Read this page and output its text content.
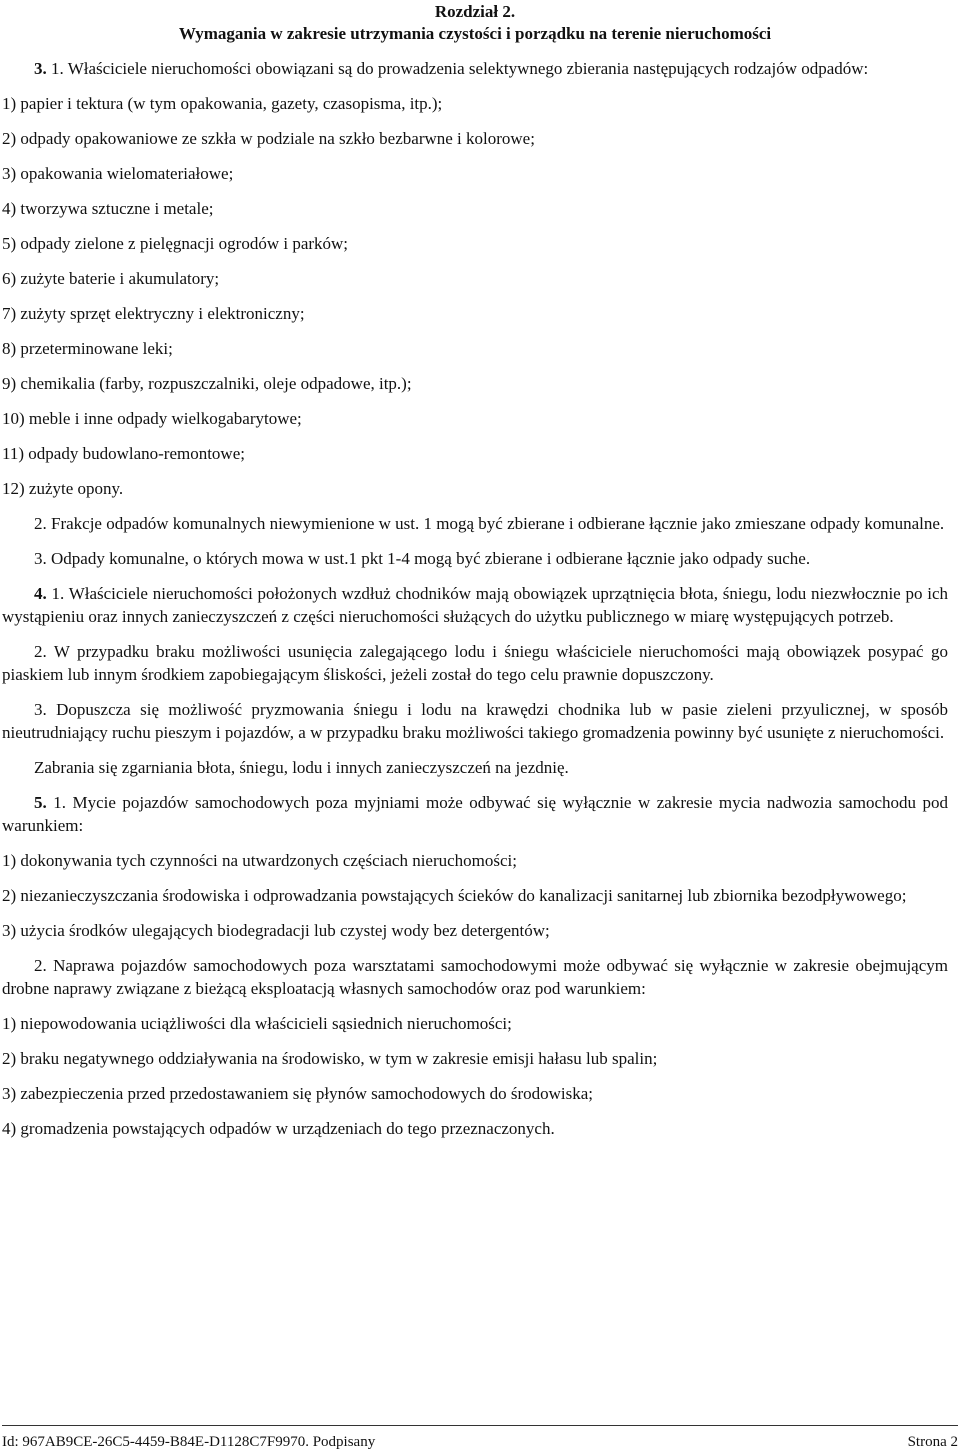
Rozdział 2.
Wymagania w zakresie utrzymania czystości i porządku na terenie nieruchomości

3. 1. Właściciele nieruchomości obowiązani są do prowadzenia selektywnego zbierania następujących rodzajów odpadów:

1) papier i tektura (w tym opakowania, gazety, czasopisma, itp.);

2) odpady opakowaniowe ze szkła w podziale na szkło bezbarwne i kolorowe;

3) opakowania wielomateriałowe;

4) tworzywa sztuczne i metale;

5) odpady zielone z pielęgnacji ogrodów i parków;

6) zużyte baterie i akumulatory;

7) zużyty sprzęt elektryczny i elektroniczny;

8) przeterminowane leki;

9) chemikalia (farby, rozpuszczalniki, oleje odpadowe, itp.);

10) meble i inne odpady wielkogabarytowe;

11) odpady budowlano-remontowe;

12) zużyte opony.

2. Frakcje odpadów komunalnych niewymienione w ust. 1 mogą być zbierane i odbierane łącznie jako zmieszane odpady komunalne.

3. Odpady komunalne, o których mowa w ust.1 pkt 1-4 mogą być zbierane i odbierane łącznie jako odpady suche.

4. 1. Właściciele nieruchomości położonych wzdłuż chodników mają obowiązek uprzątnięcia błota, śniegu, lodu niezwłocznie po ich wystąpieniu oraz innych zanieczyszczeń z części nieruchomości służących do użytku publicznego w miarę występujących potrzeb.

2. W przypadku braku możliwości usunięcia zalegającego lodu i śniegu właściciele nieruchomości mają obowiązek posypać go piaskiem lub innym środkiem zapobiegającym śliskości, jeżeli został do tego celu prawnie dopuszczony.

3. Dopuszcza się możliwość pryzmowania śniegu i lodu na krawędzi chodnika lub w pasie zieleni przyulicznej, w sposób nieutrudniający ruchu pieszym i pojazdów, a w przypadku braku możliwości takiego gromadzenia powinny być usunięte z nieruchomości.

Zabrania się zgarniania błota, śniegu, lodu i innych zanieczyszczeń na jezdnię.

5. 1. Mycie pojazdów samochodowych poza myjniami może odbywać się wyłącznie w zakresie mycia nadwozia samochodu pod warunkiem:

1) dokonywania tych czynności na utwardzonych częściach nieruchomości;

2) niezanieczyszczania środowiska i odprowadzania powstających ścieków do kanalizacji sanitarnej lub zbiornika bezodpływowego;

3) użycia środków ulegających biodegradacji lub czystej wody bez detergentów;

2. Naprawa pojazdów samochodowych poza warsztatami samochodowymi może odbywać się wyłącznie w zakresie obejmującym drobne naprawy związane z bieżącą eksploatacją własnych samochodów oraz pod warunkiem:

1) niepowodowania uciążliwości dla właścicieli sąsiednich nieruchomości;

2) braku negatywnego oddziaływania na środowisko, w tym w zakresie emisji hałasu lub spalin;

3) zabezpieczenia przed przedostawaniem się płynów samochodowych do środowiska;

4) gromadzenia powstających odpadów w urządzeniach do tego przeznaczonych.

Id: 967AB9CE-26C5-4459-B84E-D1128C7F9970. Podpisany	Strona 2
